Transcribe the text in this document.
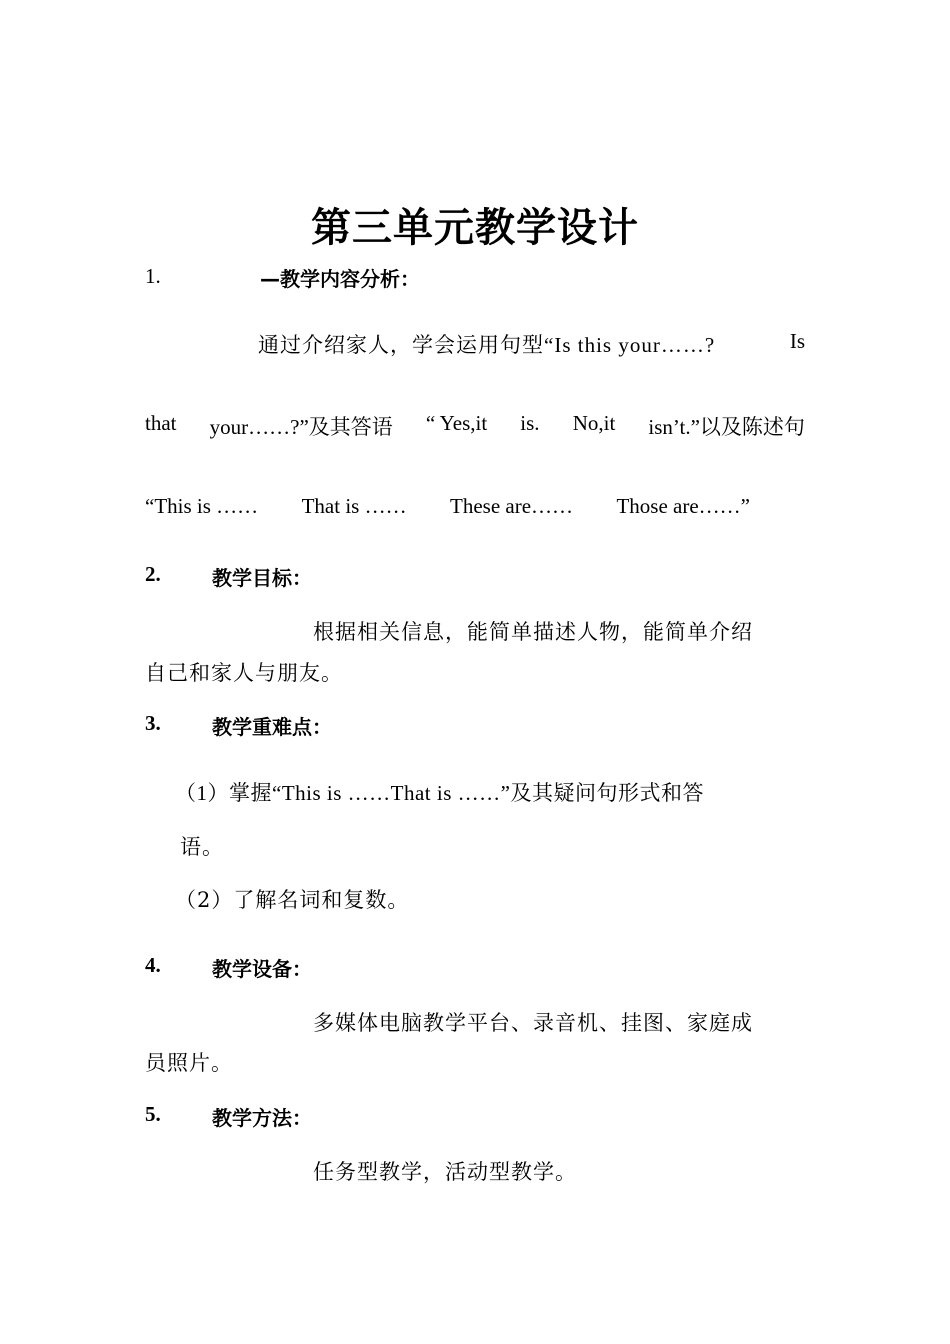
第三单元教学设计
1.	—教学内容分析：
通过介绍家人，学会运用句型“Is this your……?	Is
that your……?”及其答语 “ Yes,it is. No,it isn’t.”以及陈述句
“This is …… That is …… These are…… Those are……”
2.	教学目标：
根据相关信息，能简单描述人物，能简单介绍
自己和家人与朋友。
3.	教学重难点：
（1）掌握“This is ……That is ……”及其疑问句形式和答
语。
（2）了解名词和复数。
4.	教学设备：
多媒体电脑教学平台、录音机、挂图、家庭成
员照片。
5.	教学方法：
任务型教学，活动型教学。
